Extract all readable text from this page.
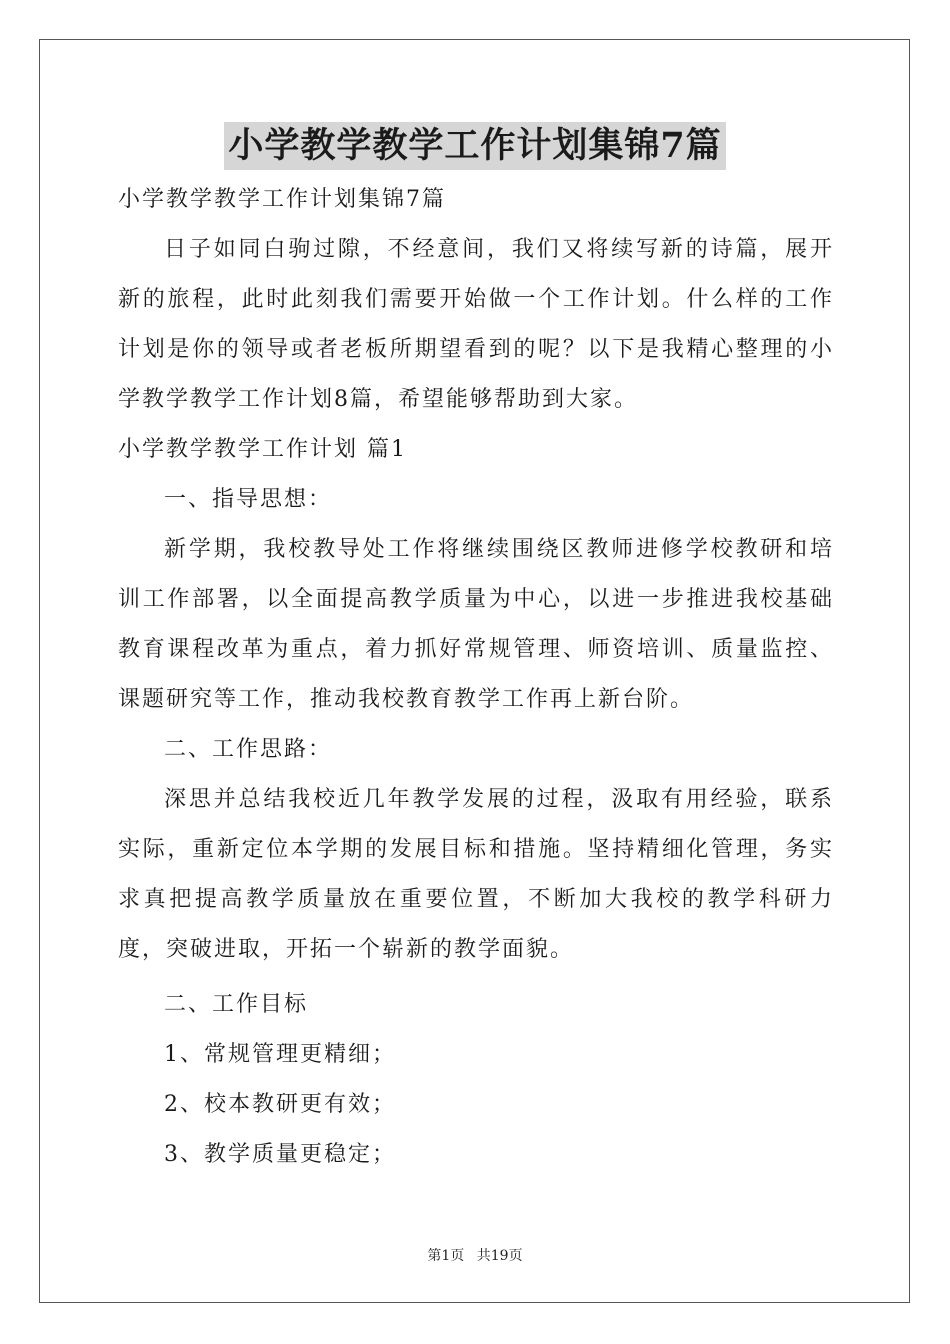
小学教学教学工作计划集锦7篇
小学教学教学工作计划集锦7篇
日子如同白驹过隙，不经意间，我们又将续写新的诗篇，展开新的旅程，此时此刻我们需要开始做一个工作计划。什么样的工作计划是你的领导或者老板所期望看到的呢？以下是我精心整理的小学教学教学工作计划8篇，希望能够帮助到大家。
小学教学教学工作计划 篇1
一、指导思想：
新学期，我校教导处工作将继续围绕区教师进修学校教研和培训工作部署，以全面提高教学质量为中心，以进一步推进我校基础教育课程改革为重点，着力抓好常规管理、师资培训、质量监控、课题研究等工作，推动我校教育教学工作再上新台阶。
二、工作思路：
深思并总结我校近几年教学发展的过程，汲取有用经验，联系实际，重新定位本学期的发展目标和措施。坚持精细化管理，务实求真把提高教学质量放在重要位置，不断加大我校的教学科研力度，突破进取，开拓一个崭新的教学面貌。
二、工作目标
1、常规管理更精细；
2、校本教研更有效；
3、教学质量更稳定；
第1页 共19页
